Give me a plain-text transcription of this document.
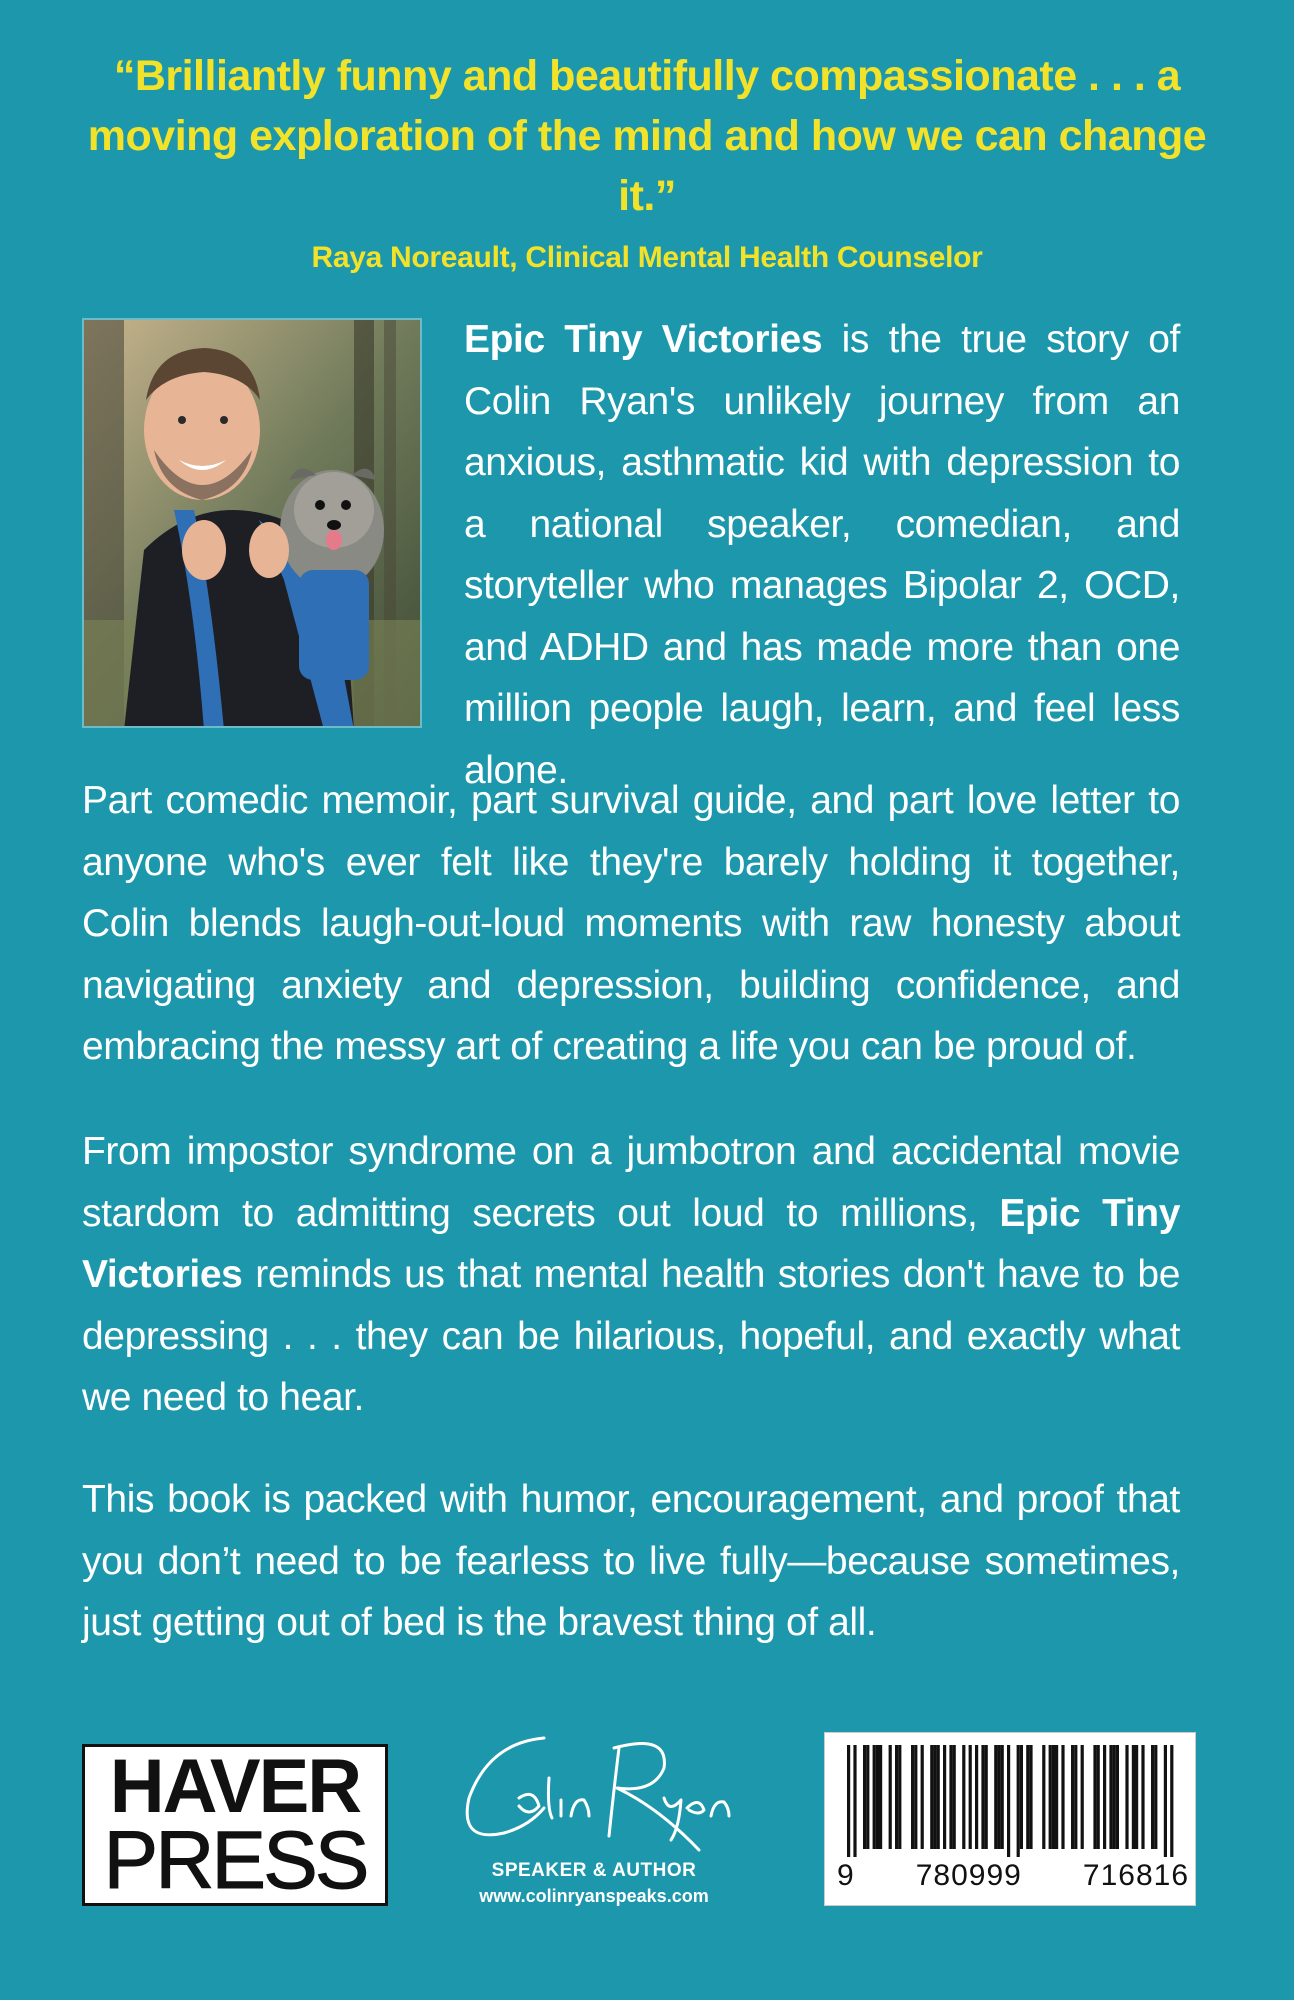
“Brilliantly funny and beautifully compassionate . . . a moving exploration of the mind and how we can change it.”

Raya Noreault, Clinical Mental Health Counselor

Epic Tiny Victories is the true story of Colin Ryan's unlikely journey from an anxious, asthmatic kid with depression to a national speaker, comedian, and storyteller who manages Bipolar 2, OCD, and ADHD and has made more than one million people laugh, learn, and feel less alone.

Part comedic memoir, part survival guide, and part love letter to anyone who's ever felt like they're barely holding it together, Colin blends laugh-out-loud moments with raw honesty about navigating anxiety and depression, building confidence, and embracing the messy art of creating a life you can be proud of.

From impostor syndrome on a jumbotron and accidental movie stardom to admitting secrets out loud to millions, Epic Tiny Victories reminds us that mental health stories don't have to be depressing . . . they can be hilarious, hopeful, and exactly what we need to hear.

This book is packed with humor, encouragement, and proof that you don’t need to be fearless to live fully—because sometimes, just getting out of bed is the bravest thing of all.

HAVER
PRESS	SPEAKER & AUTHOR
www.colinryanspeaks.com
9 780999 716816
